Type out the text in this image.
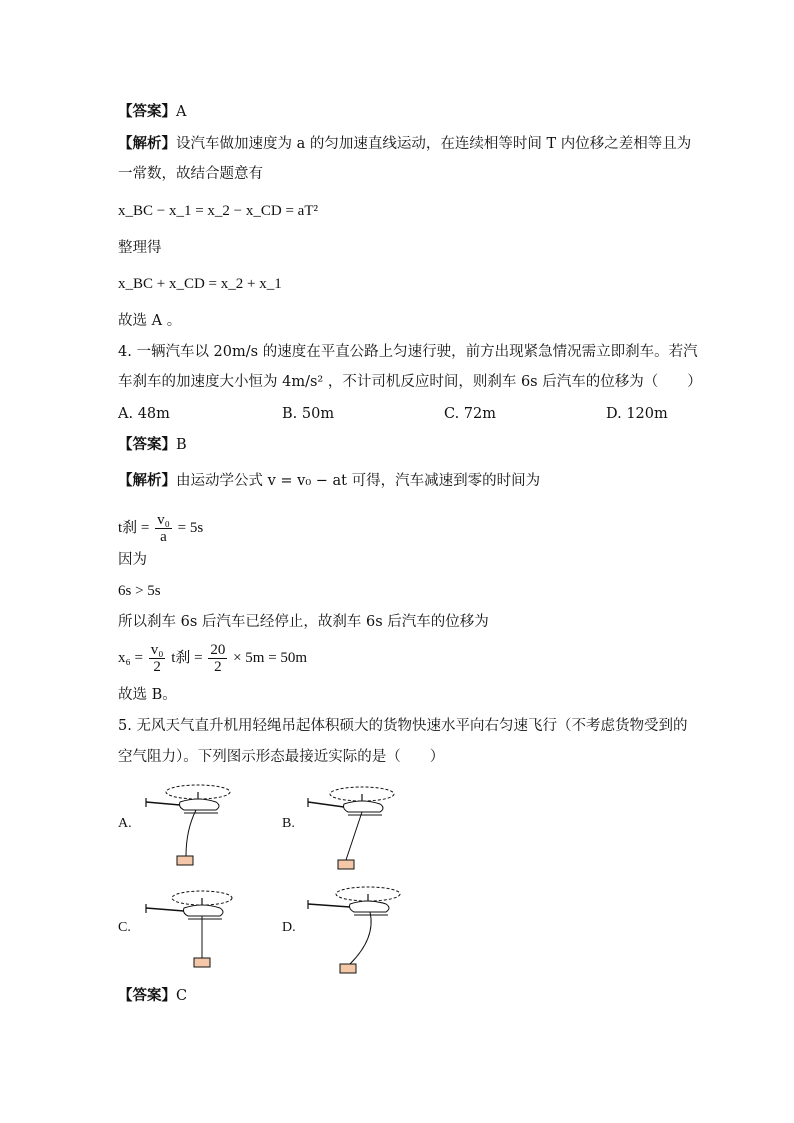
【答案】A
【解析】设汽车做加速度为 a 的匀加速直线运动，在连续相等时间 T 内位移之差相等且为
一常数，故结合题意有
x_BC − x_1 = x_2 − x_CD = aT²
整理得
x_BC + x_CD = x_2 + x_1
故选 A 。
4. 一辆汽车以 20m/s 的速度在平直公路上匀速行驶，前方出现紧急情况需立即刹车。若汽
车刹车的加速度大小恒为 4m/s² ，不计司机反应时间，则刹车 6s 后汽车的位移为（　　）
A. 48m	B. 50m	C. 72m	D. 120m
【答案】B
【解析】由运动学公式 v = v₀ − at 可得，汽车减速到零的时间为
t刹 = $\frac{\text{v₀}}{a} = 5s$
因为
6s > 5s
所以刹车 6s 后汽车已经停止，故刹车 6s 后汽车的位移为
$x_6 = \frac{\text{v₀}}{2}$ t刹 = $\frac{20}{2} \times 5m = 50m$
故选 B。
5. 无风天气直升机用轻绳吊起体积硕大的货物快速水平向右匀速飞行（不考虑货物受到的
空气阻力）。下列图示形态最接近实际的是（　　）
A.	B.
C.	D.
【答案】C
